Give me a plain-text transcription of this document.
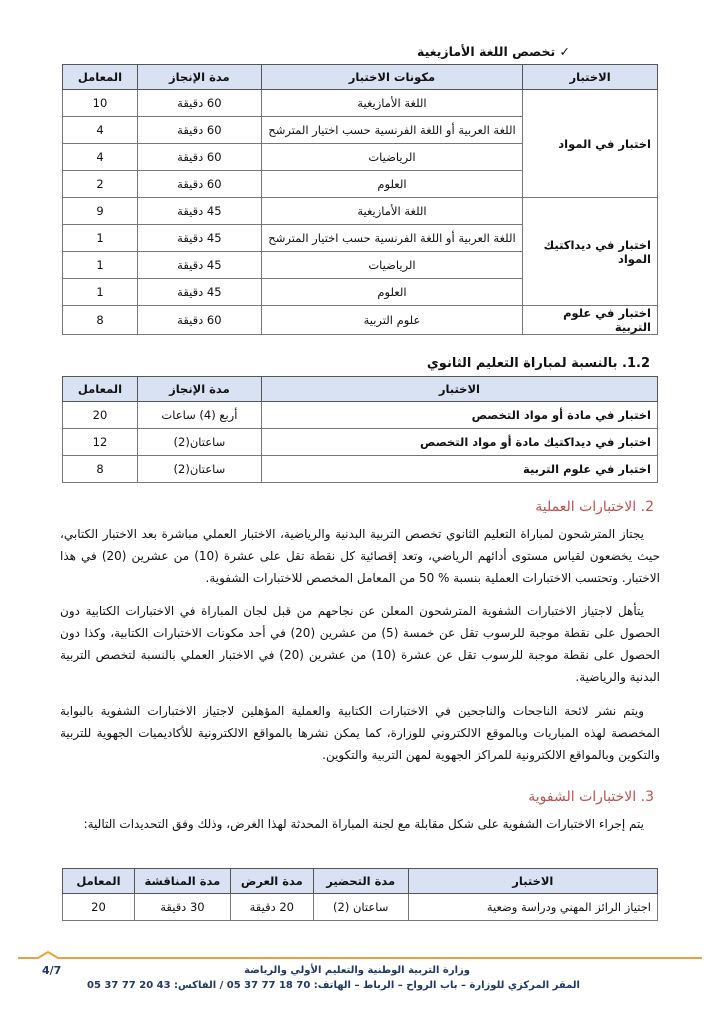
✓ تخصص اللغة الأمازيغية
الاختبار	مكونات الاختبار	مدة الإنجاز	المعامل
اختبار في المواد	اللغة الأمازيغية	60 دقيقة	10
	اللغة العربية أو اللغة الفرنسية حسب اختيار المترشح	60 دقيقة	4
	الرياضيات	60 دقيقة	4
	العلوم	60 دقيقة	2
اختبار في ديداكتيك المواد	اللغة الأمازيغية	45 دقيقة	9
	اللغة العربية أو اللغة الفرنسية حسب اختيار المترشح	45 دقيقة	1
	الرياضيات	45 دقيقة	1
	العلوم	45 دقيقة	1
اختبار في علوم التربية	علوم التربية	60 دقيقة	8
1.2. بالنسبة لمباراة التعليم الثانوي
الاختبار	مدة الإنجاز	المعامل
اختبار في مادة أو مواد التخصص	أربع (4) ساعات	20
اختبار في ديداكتيك مادة أو مواد التخصص	ساعتان(2)	12
اختبار في علوم التربية	ساعتان(2)	8
2. الاختبارات العملية
يجتاز المترشحون لمباراة التعليم الثانوي تخصص التربية البدنية والرياضية، الاختبار العملي مباشرة بعد الاختبار الكتابي، حيث يخضعون لقياس مستوى أدائهم الرياضي، وتعد إقصائية كل نقطة تقل على عشرة (10) من عشرين (20) في هذا الاختبار. وتحتسب الاختبارات العملية بنسبة % 50 من المعامل المخصص للاختبارات الشفوية.
يتأهل لاجتياز الاختبارات الشفوية المترشحون المعلن عن نجاحهم من قبل لجان المباراة في الاختبارات الكتابية دون الحصول على نقطة موجبة للرسوب تقل عن خمسة (5) من عشرين (20) في أحد مكونات الاختبارات الكتابية، وكذا دون الحصول على نقطة موجبة للرسوب تقل عن عشرة (10) من عشرين (20) في الاختبار العملي بالنسبة لتخصص التربية البدنية والرياضية.
ويتم نشر لائحة الناجحات والناجحين في الاختبارات الكتابية والعملية المؤهلين لاجتياز الاختبارات الشفوية بالبوابة المخصصة لهذه المباريات وبالموقع الالكتروني للوزارة، كما يمكن نشرها بالمواقع الالكترونية للأكاديميات الجهوية للتربية والتكوين وبالمواقع الالكترونية للمراكز الجهوية لمهن التربية والتكوين.
3. الاختبارات الشفوية
يتم إجراء الاختبارات الشفوية على شكل مقابلة مع لجنة المباراة المحدثة لهذا الغرض، وذلك وفق التحديدات التالية:
الاختبار	مدة التحضير	مدة العرض	مدة المناقشة	المعامل
اجتياز الرائز المهني ودراسة وضعية	ساعتان (2)	20 دقيقة	30 دقيقة	20
وزارة التربية الوطنية والتعليم الأولي والرياضة
المقر المركزي للوزارة – باب الرواح – الرباط – الهاتف: 70 18 77 37 05 / الفاكس: 43 20 77 37 05
4/7
